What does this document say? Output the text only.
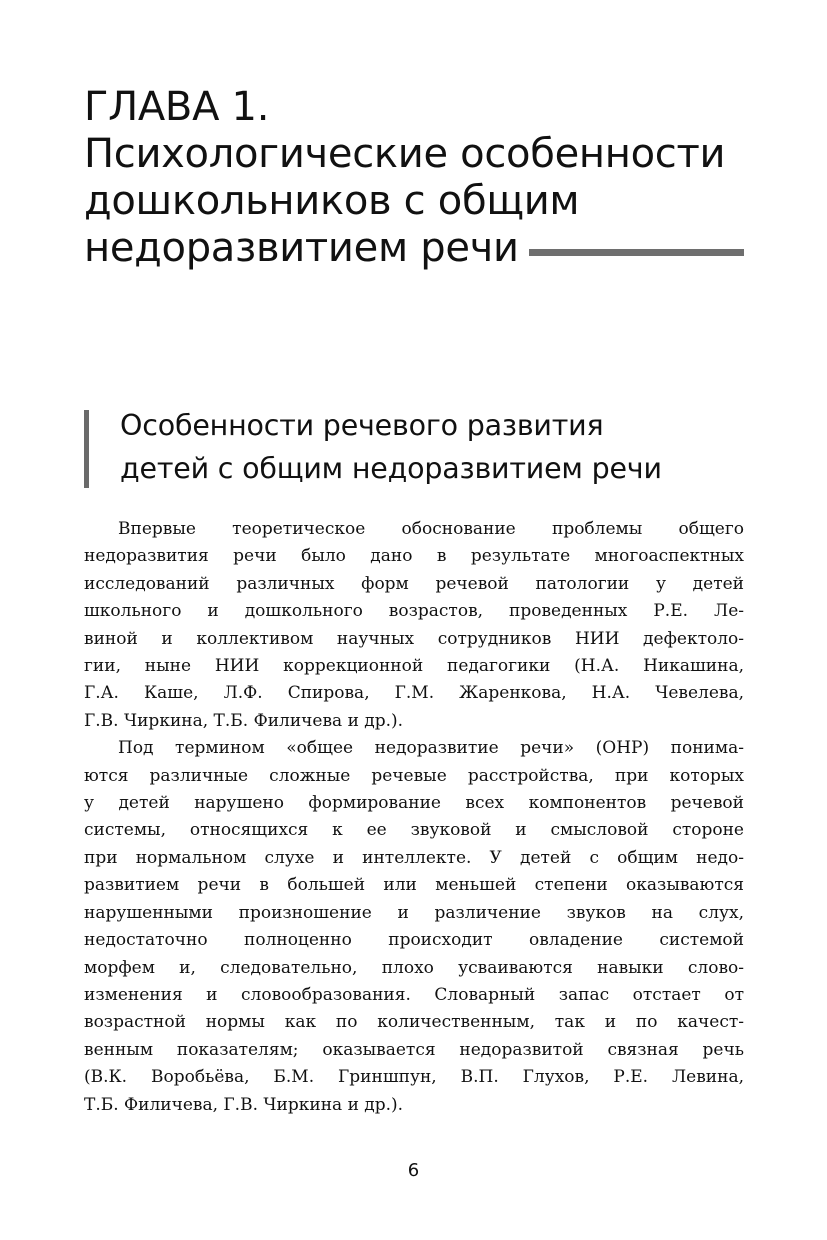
ГЛАВА 1.
Психологические особенности
дошкольников с общим
недоразвитием речи
Особенности речевого развития
детей с общим недоразвитием речи
Впервые теоретическое обоснование проблемы общего
недоразвития речи было дано в результате многоаспектных
исследований различных форм речевой патологии у детей
школьного и дошкольного возрастов, проведенных Р.Е. Ле-
виной и коллективом научных сотрудников НИИ дефектоло-
гии, ныне НИИ коррекционной педагогики (Н.А. Никашина,
Г.А. Каше, Л.Ф. Спирова, Г.М. Жаренкова, Н.А. Чевелева,
Г.В. Чиркина, Т.Б. Филичева и др.).
Под термином «общее недоразвитие речи» (ОНР) понима-
ются различные сложные речевые расстройства, при которых
у детей нарушено формирование всех компонентов речевой
системы, относящихся к ее звуковой и смысловой стороне
при нормальном слухе и интеллекте. У детей с общим недо-
развитием речи в большей или меньшей степени оказываются
нарушенными произношение и различение звуков на слух,
недостаточно полноценно происходит овладение системой
морфем и, следовательно, плохо усваиваются навыки слово-
изменения и словообразования. Словарный запас отстает от
возрастной нормы как по количественным, так и по качест-
венным показателям; оказывается недоразвитой связная речь
(В.К. Воробьёва, Б.М. Гриншпун, В.П. Глухов, Р.Е. Левина,
Т.Б. Филичева, Г.В. Чиркина и др.).
6
